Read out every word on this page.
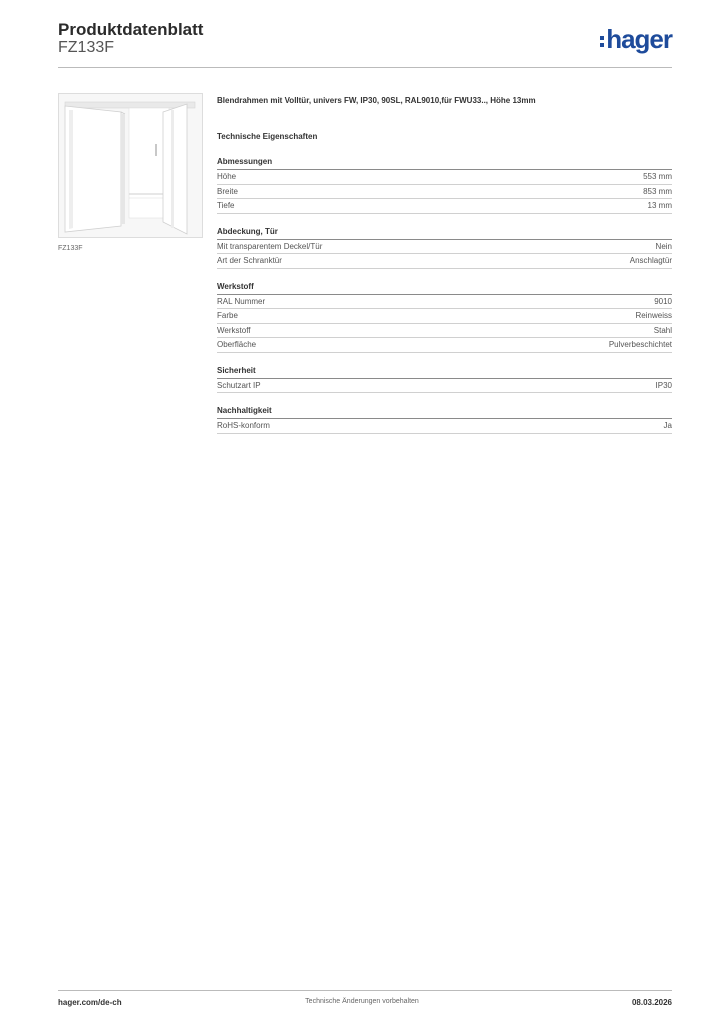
Produktdatenblatt
FZ133F	hager
FZ133F
Blendrahmen mit Volltür, univers FW, IP30, 90SL, RAL9010,für FWU33.., Höhe 13mm
Technische Eigenschaften
Abmessungen
Höhe	553 mm
Breite	853 mm
Tiefe	13 mm
Abdeckung, Tür
Mit transparentem Deckel/Tür	Nein
Art der Schranktür	Anschlagtür
Werkstoff
RAL Nummer	9010
Farbe	Reinweiss
Werkstoff	Stahl
Oberfläche	Pulverbeschichtet
Sicherheit
Schutzart IP	IP30
Nachhaltigkeit
RoHS-konform	Ja
hager.com/de-ch	Technische Änderungen vorbehalten	08.03.2026
